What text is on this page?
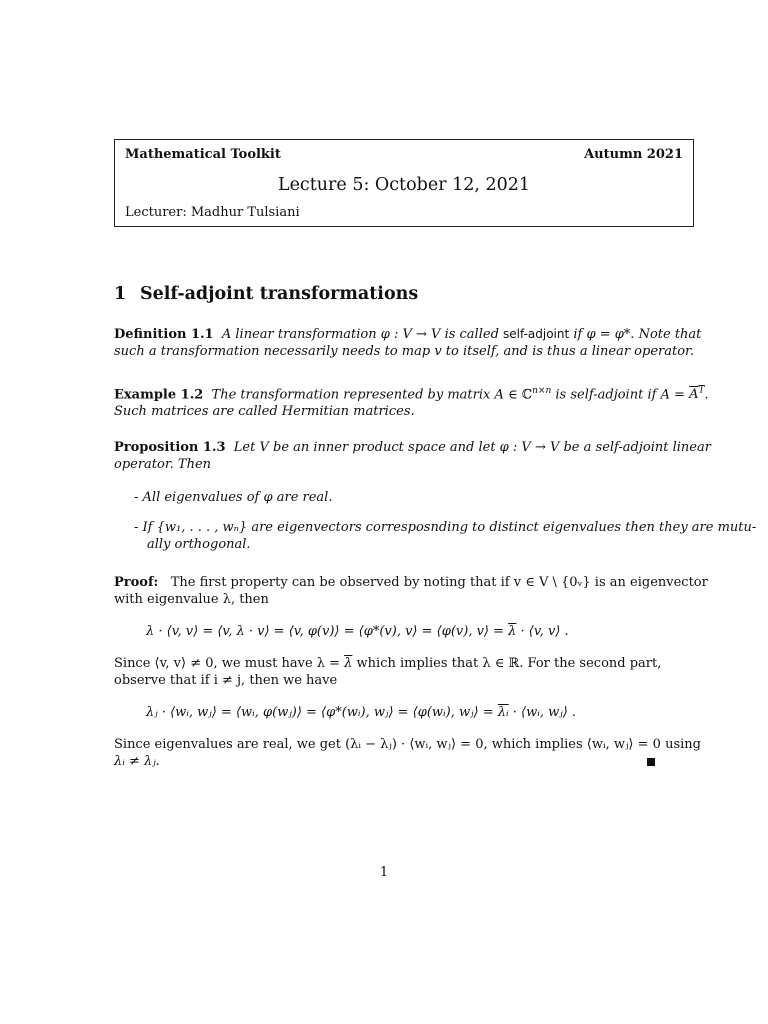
Mathematical Toolkit	Autumn 2021
Lecture 5: October 12, 2021
Lecturer: Madhur Tulsiani
1 Self-adjoint transformations
Definition 1.1 A linear transformation φ : V → V is called self-adjoint if φ = φ*. Note that
such a transformation necessarily needs to map v to itself, and is thus a linear operator.
Example 1.2 The transformation represented by matrix A ∈ ℂ$^{n\times n}$ is self-adjoint if $A = A^T$.
Such matrices are called Hermitian matrices.
Proposition 1.3 Let V be an inner product space and let φ : V → V be a self-adjoint linear
operator. Then
- All eigenvalues of φ are real.
- If {w₁, . . . , wₙ} are eigenvectors corresposnding to distinct eigenvalues then they are mutu-
ally orthogonal.
Proof: The first property can be observed by noting that if v ∈ V \ {0ᵥ} is an eigenvector
with eigenvalue λ, then
λ · ⟨v, v⟩ = ⟨v, λ · v⟩ = ⟨v, φ(v)⟩ = ⟨φ*(v), v⟩ = ⟨φ(v), v⟩ = $\overline{\lambda}$ · ⟨v, v⟩ .
Since ⟨v, v⟩ ≠ 0, we must have $\lambda = \overline{\lambda}$ which implies that λ ∈ ℝ. For the second part,
observe that if i ≠ j, then we have
λⱼ · ⟨wᵢ, wⱼ⟩ = ⟨wᵢ, φ(wⱼ)⟩ = ⟨φ*(wᵢ), wⱼ⟩ = ⟨φ(wᵢ), wⱼ⟩ = $\overline{\lambda ᵢ}$ · ⟨wᵢ, wⱼ⟩ .
Since eigenvalues are real, we get (λᵢ − λⱼ) · ⟨wᵢ, wⱼ⟩ = 0, which implies ⟨wᵢ, wⱼ⟩ = 0 using
λᵢ ≠ λⱼ.
1
